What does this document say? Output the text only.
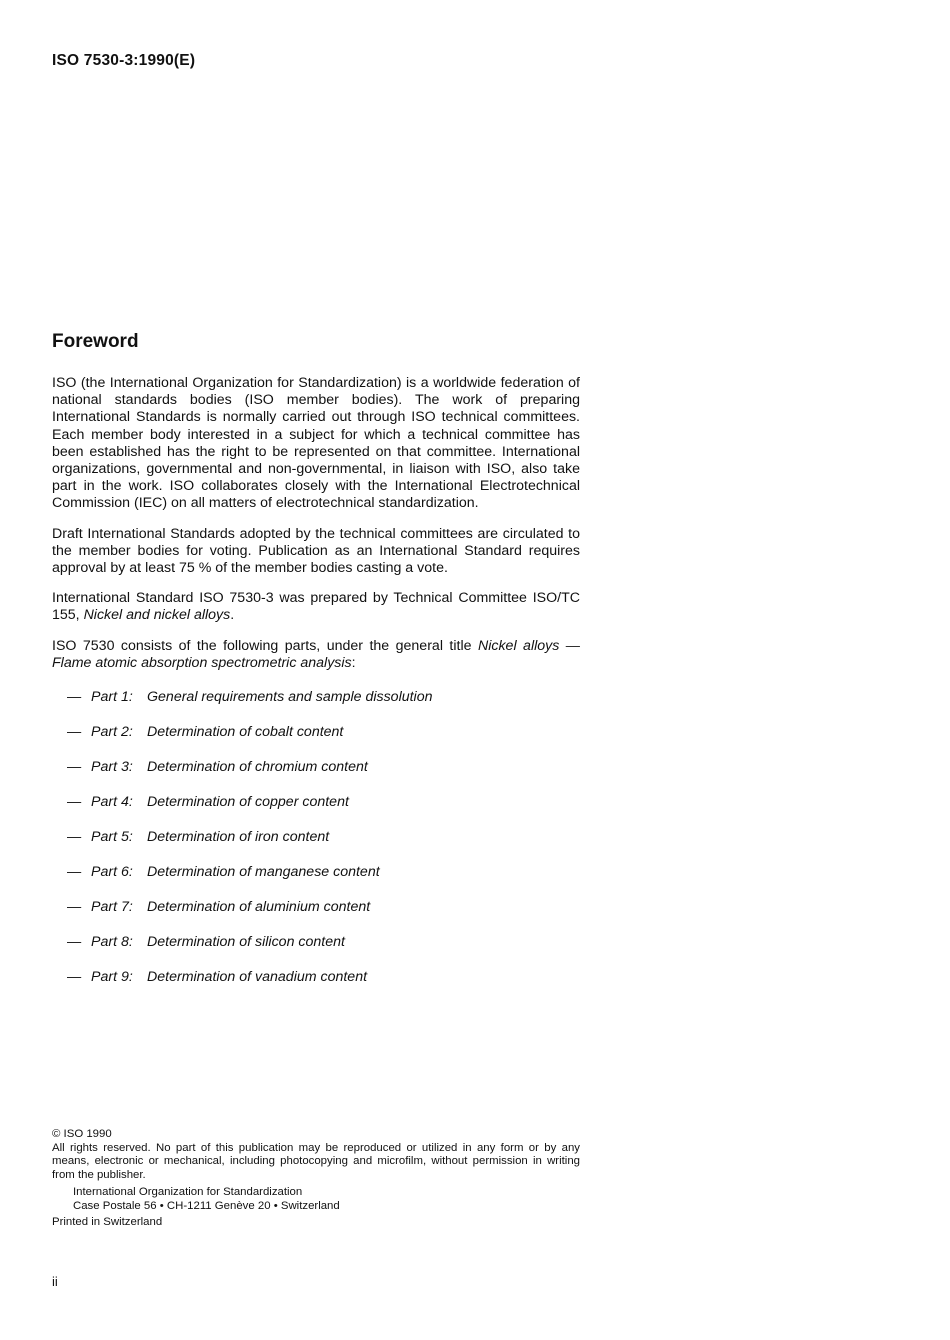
ISO 7530-3:1990(E)
Foreword

ISO (the International Organization for Standardization) is a worldwide federation of national standards bodies (ISO member bodies). The work of preparing International Standards is normally carried out through ISO technical committees. Each member body interested in a subject for which a technical committee has been established has the right to be represented on that committee. International organizations, governmental and non-governmental, in liaison with ISO, also take part in the work. ISO collaborates closely with the International Electrotechnical Commission (IEC) on all matters of electrotechnical standardization.

Draft International Standards adopted by the technical committees are circulated to the member bodies for voting. Publication as an International Standard requires approval by at least 75 % of the member bodies casting a vote.

International Standard ISO 7530-3 was prepared by Technical Committee ISO/TC 155, Nickel and nickel alloys.

ISO 7530 consists of the following parts, under the general title Nickel alloys — Flame atomic absorption spectrometric analysis:

— Part 1:	General requirements and sample dissolution
— Part 2:	Determination of cobalt content
— Part 3:	Determination of chromium content
— Part 4:	Determination of copper content
— Part 5:	Determination of iron content
— Part 6:	Determination of manganese content
— Part 7:	Determination of aluminium content
— Part 8:	Determination of silicon content
— Part 9:	Determination of vanadium content

© ISO 1990

All rights reserved. No part of this publication may be reproduced or utilized in any form or by any means, electronic or mechanical, including photocopying and microfilm, without permission in writing from the publisher.

International Organization for Standardization
Case Postale 56 • CH-1211 Genève 20 • Switzerland
Printed in Switzerland
ii
